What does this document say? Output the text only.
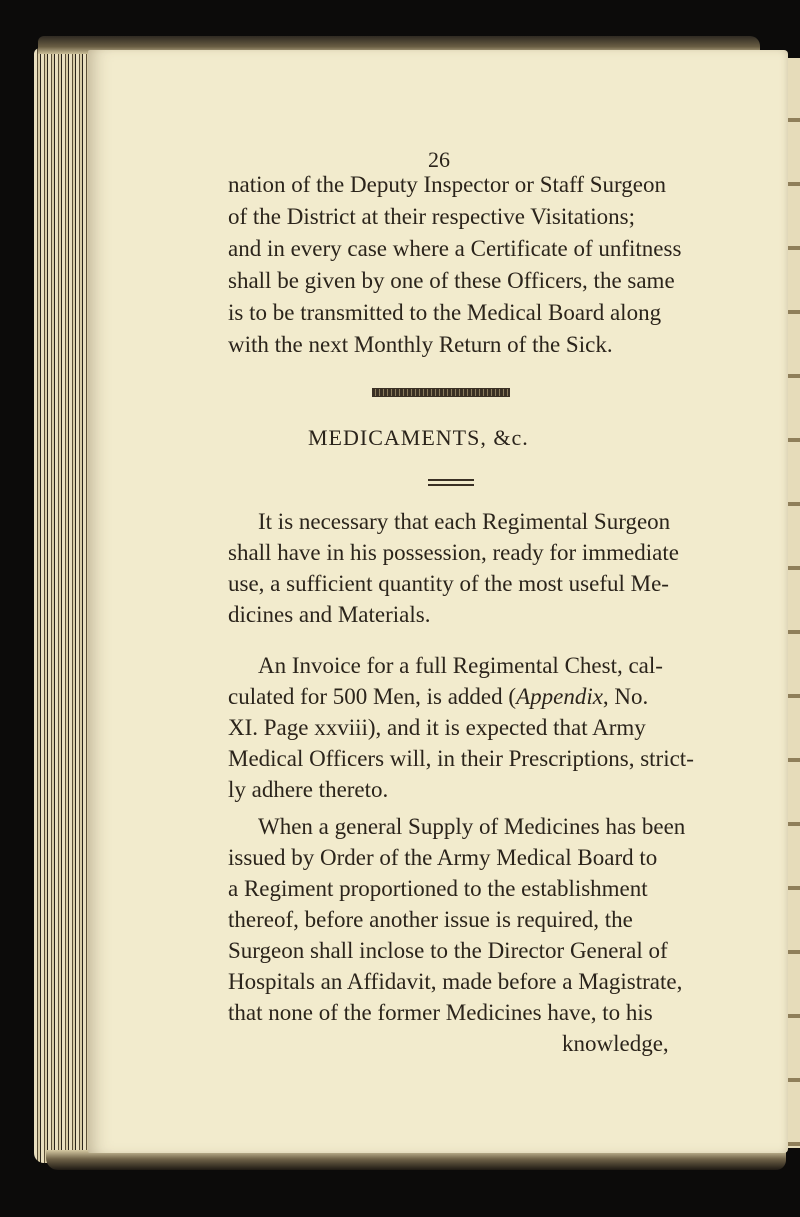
26
nation of the Deputy Inspector or Staff Surgeon
of the District at their respective Visitations;
and in every case where a Certificate of unfitness
shall be given by one of these Officers, the same
is to be transmitted to the Medical Board along
with the next Monthly Return of the Sick.
MEDICAMENTS, &c.
It is necessary that each Regimental Surgeon
shall have in his possession, ready for immediate
use, a sufficient quantity of the most useful Me-
dicines and Materials.
An Invoice for a full Regimental Chest, cal-
culated for 500 Men, is added (Appendix, No.
XI. Page xxviii), and it is expected that Army
Medical Officers will, in their Prescriptions, strict-
ly adhere thereto.
When a general Supply of Medicines has been
issued by Order of the Army Medical Board to
a Regiment proportioned to the establishment
thereof, before another issue is required, the
Surgeon shall inclose to the Director General of
Hospitals an Affidavit, made before a Magistrate,
that none of the former Medicines have, to his
knowledge,
